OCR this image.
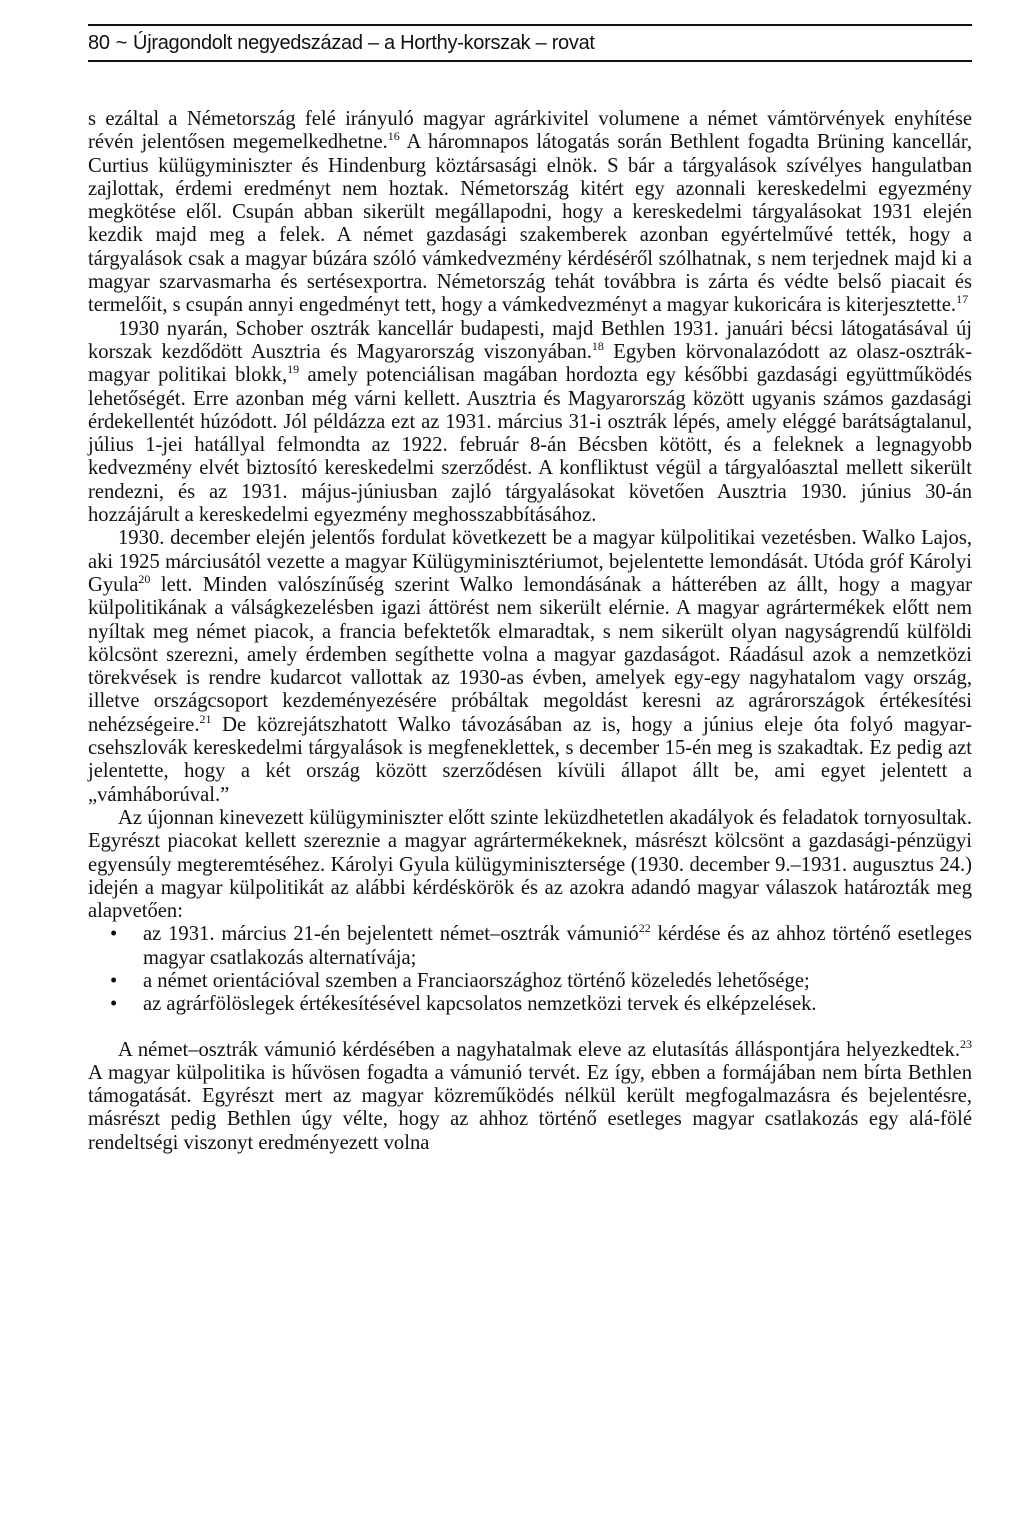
80 ~ Újragondolt negyedszázad – a Horthy-korszak – rovat

s ezáltal a Németország felé irányuló magyar agrárkivitel volumene a német vámtörvények enyhítése révén jelentősen megemelkedhetne.$^{16}$ A háromnapos látogatás során Bethlent fogadta Brüning kancellár, Curtius külügyminiszter és Hindenburg köztársasági elnök. S bár a tárgyalások szívélyes hangulatban zajlottak, érdemi eredményt nem hoztak. Németország kitért egy azonnali kereskedelmi egyezmény megkötése elől. Csupán abban sikerült megállapodni, hogy a kereskedelmi tárgyalásokat 1931 elején kezdik majd meg a felek. A német gazdasági szakemberek azonban egyértelművé tették, hogy a tárgyalások csak a magyar búzára szóló vámkedvezmény kérdéséről szólhatnak, s nem terjednek majd ki a magyar szarvasmarha és sertésexportra. Németország tehát továbbra is zárta és védte belső piacait és termelőit, s csupán annyi engedményt tett, hogy a vámkedvezményt a magyar kukoricára is kiterjesztette.$^{17}$

1930 nyarán, Schober osztrák kancellár budapesti, majd Bethlen 1931. januári bécsi látogatásával új korszak kezdődött Ausztria és Magyarország viszonyában.$^{18}$ Egyben körvonalazódott az olasz-osztrák-magyar politikai blokk,$^{19}$ amely potenciálisan magában hordozta egy későbbi gazdasági együttműködés lehetőségét. Erre azonban még várni kellett. Ausztria és Magyarország között ugyanis számos gazdasági érdekellentét húzódott. Jól példázza ezt az 1931. március 31-i osztrák lépés, amely eléggé barátságtalanul, július 1-jei hatállyal felmondta az 1922. február 8-án Bécsben kötött, és a feleknek a legnagyobb kedvezmény elvét biztosító kereskedelmi szerződést. A konfliktust végül a tárgyalóasztal mellett sikerült rendezni, és az 1931. május-júniusban zajló tárgyalásokat követően Ausztria 1930. június 30-án hozzájárult a kereskedelmi egyezmény meghosszabbításához.

1930. december elején jelentős fordulat következett be a magyar külpolitikai vezetésben. Walko Lajos, aki 1925 márciusától vezette a magyar Külügyminisztériumot, bejelentette lemondását. Utóda gróf Károlyi Gyula$^{20}$ lett. Minden valószínűség szerint Walko lemondásának a hátterében az állt, hogy a magyar külpolitikának a válságkezelésben igazi áttörést nem sikerült elérnie. A magyar agrártermékek előtt nem nyíltak meg német piacok, a francia befektetők elmaradtak, s nem sikerült olyan nagyságrendű külföldi kölcsönt szerezni, amely érdemben segíthette volna a magyar gazdaságot. Ráadásul azok a nemzetközi törekvések is rendre kudarcot vallottak az 1930-as évben, amelyek egy-egy nagyhatalom vagy ország, illetve országcsoport kezdeményezésére próbáltak megoldást keresni az agrárországok értékesítési nehézségeire.$^{21}$ De közrejátszhatott Walko távozásában az is, hogy a június eleje óta folyó magyar-csehszlovák kereskedelmi tárgyalások is megfeneklettek, s december 15-én meg is szakadtak. Ez pedig azt jelentette, hogy a két ország között szerződésen kívüli állapot állt be, ami egyet jelentett a „vámháborúval.”

Az újonnan kinevezett külügyminiszter előtt szinte leküzdhetetlen akadályok és feladatok tornyosultak. Egyrészt piacokat kellett szereznie a magyar agrártermékeknek, másrészt kölcsönt a gazdasági-pénzügyi egyensúly megteremtéséhez. Károlyi Gyula külügyminisztersége (1930. december 9.–1931. augusztus 24.) idején a magyar külpolitikát az alábbi kérdéskörök és az azokra adandó magyar válaszok határozták meg alapvetően:

• az 1931. március 21-én bejelentett német–osztrák vámunió$^{22}$ kérdése és az ahhoz történő esetleges magyar csatlakozás alternatívája;
• a német orientációval szemben a Franciaországhoz történő közeledés lehetősége;
• az agrárfölöslegek értékesítésével kapcsolatos nemzetközi tervek és elképzelések.

A német–osztrák vámunió kérdésében a nagyhatalmak eleve az elutasítás álláspontjára helyezkedtek.$^{23}$ A magyar külpolitika is hűvösen fogadta a vámunió tervét. Ez így, ebben a formájában nem bírta Bethlen támogatását. Egyrészt mert az magyar közreműködés nélkül került megfogalmazásra és bejelentésre, másrészt pedig Bethlen úgy vélte, hogy az ahhoz történő esetleges magyar csatlakozás egy alá-fölé rendeltségi viszonyt eredményezett volna
